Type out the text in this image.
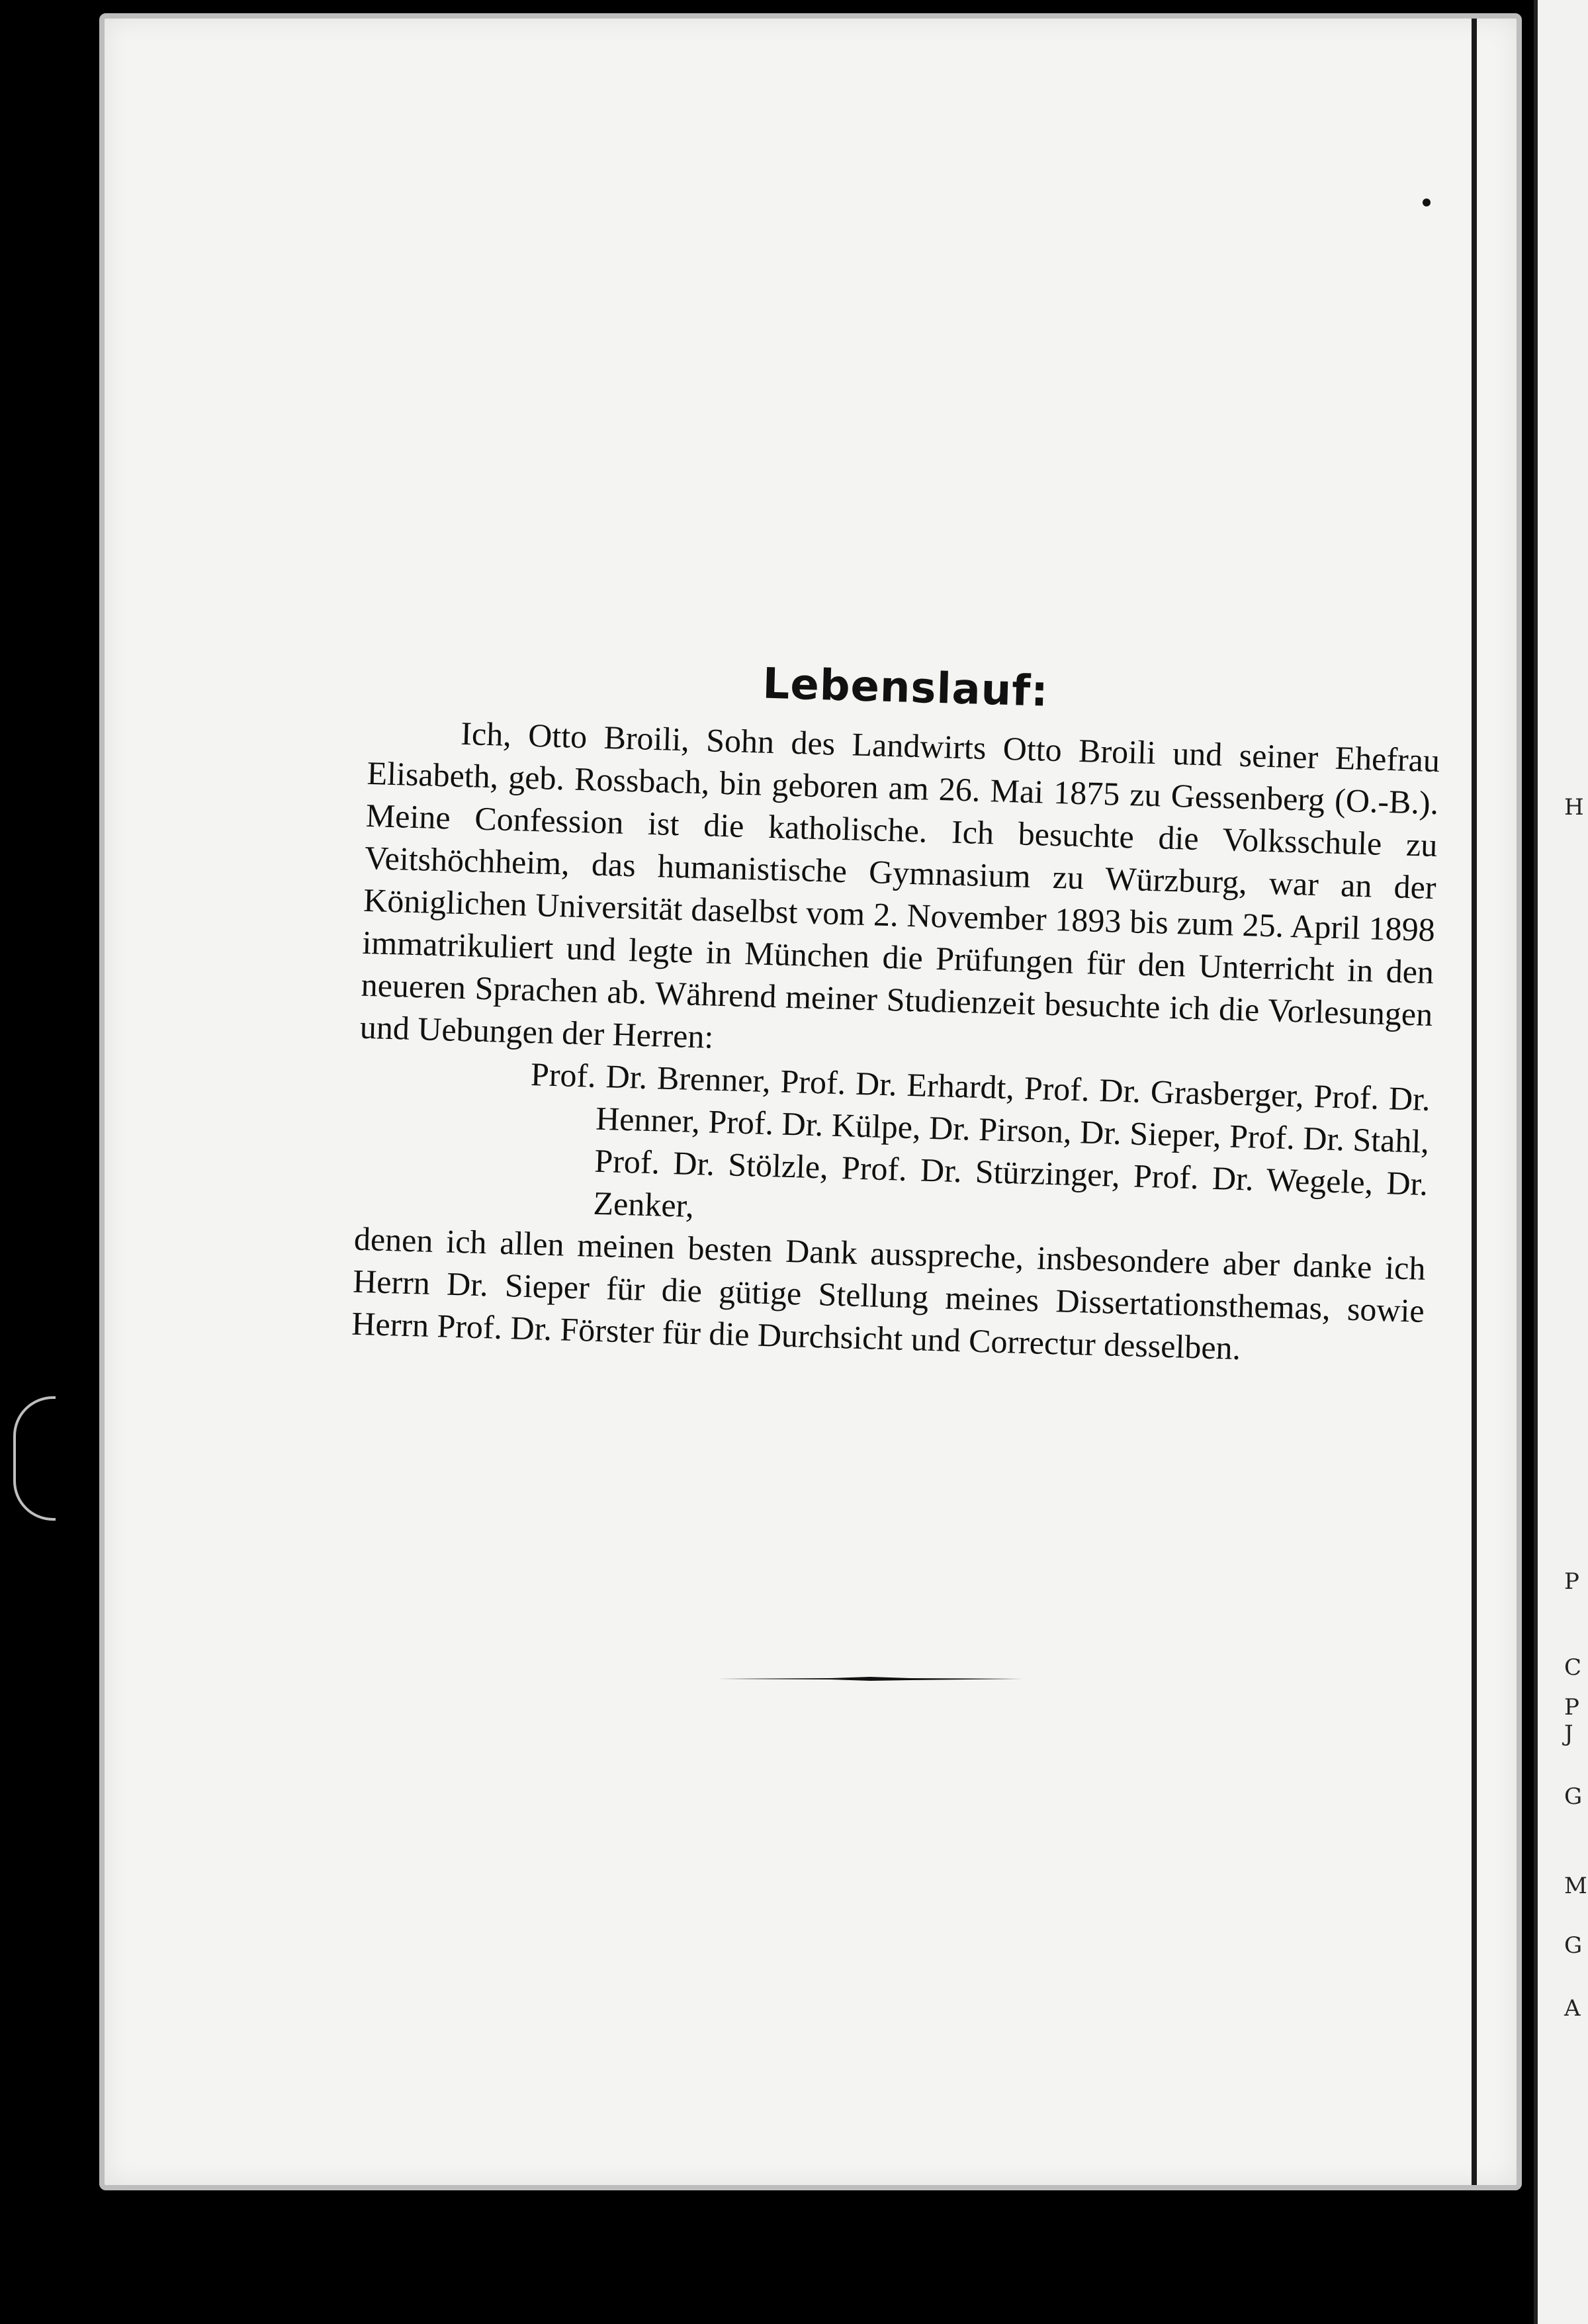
Lebenslauf:

Ich, Otto Broili, Sohn des Landwirts Otto Broili und seiner Ehefrau Elisabeth, geb. Rossbach, bin geboren am 26. Mai 1875 zu Gessenberg (O.-B.). Meine Confession ist die katholische. Ich besuchte die Volksschule zu Veitshöchheim, das humanistische Gymnasium zu Würzburg, war an der Königlichen Universität daselbst vom 2. November 1893 bis zum 25. April 1898 immatrikuliert und legte in München die Prüfungen für den Unterricht in den neueren Sprachen ab. Während meiner Studienzeit besuchte ich die Vorlesungen und Uebungen der Herren:

Prof. Dr. Brenner, Prof. Dr. Erhardt, Prof. Dr. Grasberger, Prof. Dr. Henner, Prof. Dr. Külpe, Dr. Pirson, Dr. Sieper, Prof. Dr. Stahl, Prof. Dr. Stölzle, Prof. Dr. Stürzinger, Prof. Dr. Wegele, Dr. Zenker,

denen ich allen meinen besten Dank ausspreche, insbesondere aber danke ich Herrn Dr. Sieper für die gütige Stellung meines Dissertationsthemas, sowie Herrn Prof. Dr. Förster für die Durchsicht und Correctur desselben.

H
P
C
P
J
G
M
G
A
